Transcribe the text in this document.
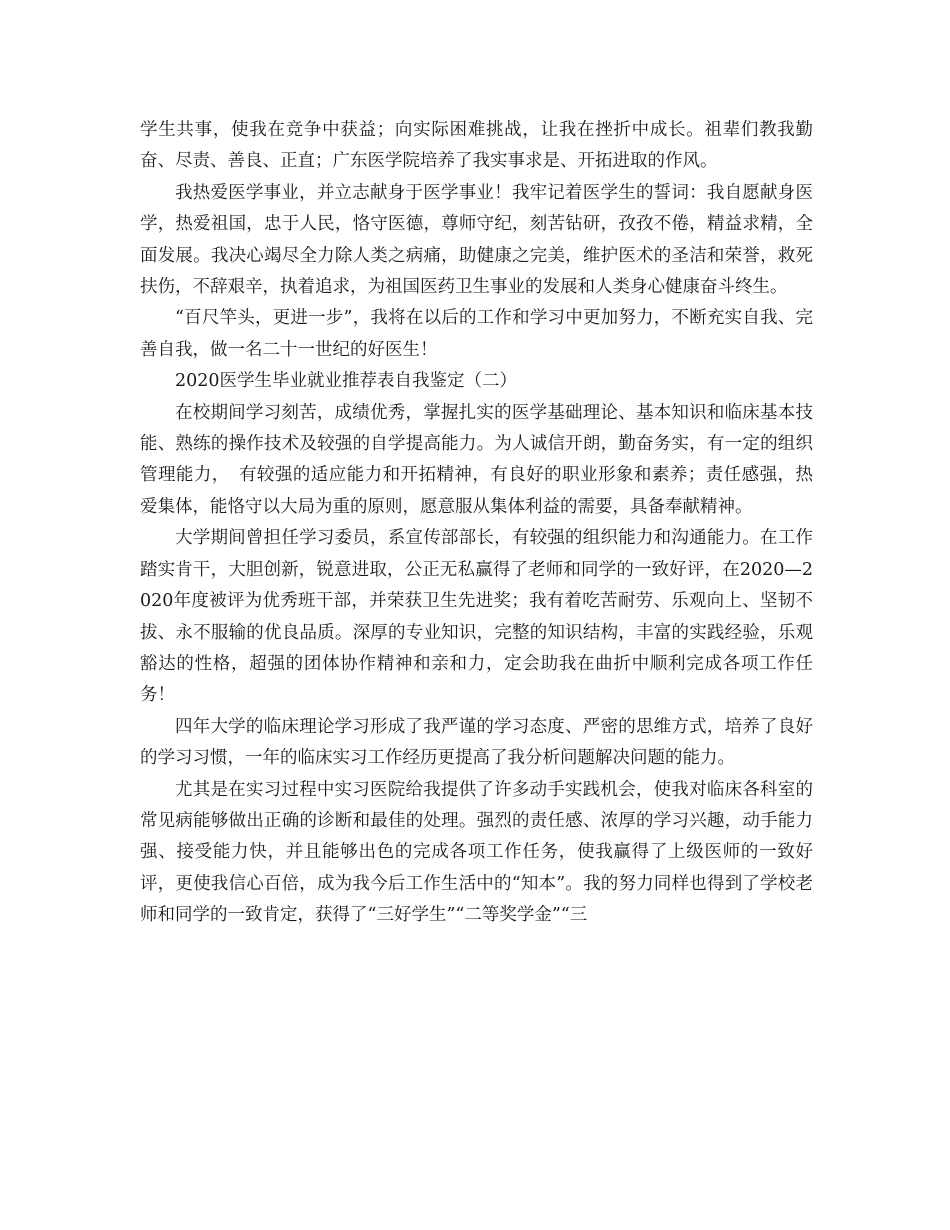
学生共事，使我在竞争中获益；向实际困难挑战，让我在挫折中成长。祖辈们教我勤奋、尽责、善良、正直；广东医学院培养了我实事求是、开拓进取的作风。

我热爱医学事业，并立志献身于医学事业！我牢记着医学生的誓词：我自愿献身医学，热爱祖国，忠于人民，恪守医德，尊师守纪，刻苦钻研，孜孜不倦，精益求精，全面发展。我决心竭尽全力除人类之病痛，助健康之完美，维护医术的圣洁和荣誉，救死扶伤，不辞艰辛，执着追求，为祖国医药卫生事业的发展和人类身心健康奋斗终生。

“百尺竿头，更进一步”，我将在以后的工作和学习中更加努力，不断充实自我、完善自我，做一名二十一世纪的好医生！

2020医学生毕业就业推荐表自我鉴定（二）

在校期间学习刻苦，成绩优秀，掌握扎实的医学基础理论、基本知识和临床基本技能、熟练的操作技术及较强的自学提高能力。为人诚信开朗，勤奋务实，有一定的组织管理能力，　有较强的适应能力和开拓精神，有良好的职业形象和素养；责任感强，热爱集体，能恪守以大局为重的原则，愿意服从集体利益的需要，具备奉献精神。

大学期间曾担任学习委员，系宣传部部长，有较强的组织能力和沟通能力。在工作踏实肯干，大胆创新，锐意进取，公正无私赢得了老师和同学的一致好评，在2020—2020年度被评为优秀班干部，并荣获卫生先进奖；我有着吃苦耐劳、乐观向上、坚韧不拔、永不服输的优良品质。深厚的专业知识，完整的知识结构，丰富的实践经验，乐观豁达的性格，超强的团体协作精神和亲和力，定会助我在曲折中顺利完成各项工作任务！

四年大学的临床理论学习形成了我严谨的学习态度、严密的思维方式，培养了良好的学习习惯，一年的临床实习工作经历更提高了我分析问题解决问题的能力。

尤其是在实习过程中实习医院给我提供了许多动手实践机会，使我对临床各科室的常见病能够做出正确的诊断和最佳的处理。强烈的责任感、浓厚的学习兴趣，动手能力强、接受能力快，并且能够出色的完成各项工作任务，使我赢得了上级医师的一致好评，更使我信心百倍，成为我今后工作生活中的“知本”。我的努力同样也得到了学校老师和同学的一致肯定，获得了“三好学生”“二等奖学金”“三
